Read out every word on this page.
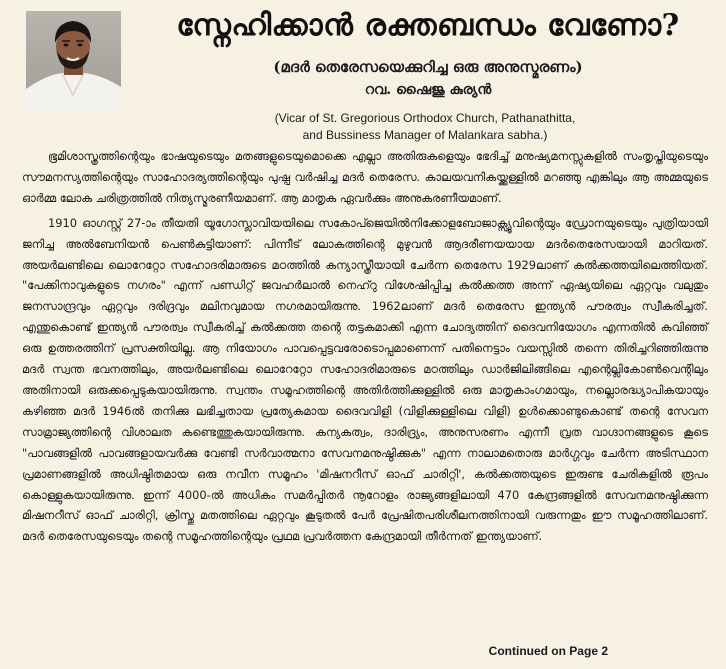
സ്നേഹിക്കാൻ രക്തബന്ധം വേണോ?
(മദർ തെരേസയെക്കുറിച്ച ഒരു അനുസ്മരണം)
റവ. ഷൈജു കുര്യൻ
(Vicar of St. Gregorious Orthodox Church, Pathanathitta,
and Bussiness Manager of Malankara sabha.)

ഭൂമിശാസ്ത്രത്തിന്റെയും ഭാഷയുടെയും മതങ്ങളുടെയുമൊക്കെ എല്ലാ അതിരുകളെയും ഭേദിച്ച് മനുഷ്യമനസ്സുകളിൽ സംതൃപ്തിയുടെയും സൗമനസ്യത്തിന്റെയും സാഹോദര്യത്തിന്റെയും പുഷ്പ വർഷിച്ച മദർ തെരേസ. കാലയവനികയ്ക്കുള്ളിൽ മറഞ്ഞു എങ്കിലും ആ അമ്മയുടെ ഓർമ്മ ലോക ചരിത്രത്തിൽ നിത്യസ്മരണീയമാണ്. ആ മാതൃക ഏവർക്കും അനുകരണീയമാണ്.

1910 ഓഗസ്റ്റ് 27-ാം തീയതി യൂഗോസ്ലാവിയയിലെ സകോപ്ജെയിൽനിക്കോളബോജാക്സ്യൂവിന്റെയും ഡ്രോനയുടെയും പുത്രിയായി ജനിച്ച അൽബേനിയൻ പെൺകുട്ടിയാണ്: പിന്നീട് ലോകത്തിന്റെ മുഴുവൻ ആദരീണയയായ മദർതെരേസയായി മാറിയത്. അയർലണ്ടിലെ ലൊറേറ്റോ സഹോദരിമാരുടെ മഠത്തിൽ കന്യാസ്ത്രീയായി ചേർന്ന തെരേസ 1929ലാണ് കൽക്കത്തയിലെത്തിയത്. "പേക്കിനാവുകളുടെ നഗരം" എന്ന് പണ്ഡിറ്റ് ജവഹർലാൽ നെഹ്റു വിശേഷിപ്പിച്ച കൽക്കത്ത അന്ന് ഏഷ്യയിലെ ഏറ്റവും വലുതും ജനസാന്ദ്രവും ഏറ്റവും ദരിദ്രവും മലിനവുമായ നഗരമായിരുന്നു. 1962ലാണ് മദർ തെരേസ ഇന്ത്യൻ പൗരത്വം സ്വീകരിച്ചത്. എന്തുകൊണ്ട് ഇന്ത്യൻ പൗരത്വം സ്വീകരിച്ച് കൽക്കത്ത തന്റെ തട്ടകമാക്കി എന്ന ചോദ്യത്തിന് ദൈവനിയോഗം എന്നതിൽ കവിഞ്ഞ് ഒരു ഉത്തരത്തിന് പ്രസക്തിയില്ല. ആ നിയോഗം പാവപ്പെട്ടവരോടൊപ്പമാണെന്ന് പതിനെട്ടാം വയസ്സിൽ തന്നെ തിരിച്ചറിഞ്ഞിരുന്നു മദർ സ്വന്ത ഭവനത്തിലും, അയർലണ്ടിലെ ലൊറേറ്റോ സഹോദരിമാരുടെ മഠത്തിലും ഡാർജിലിങ്ങിലെ എന്റെല്ലികോൺവെന്റിലും അതിനായി ഒരുക്കപ്പെടുകയായിരുന്നു. സ്വന്തം സമൂഹത്തിന്റെ അതിർത്തിക്കുള്ളിൽ ഒരു മാതൃകാംഗമായും, നല്ലൊരദ്ധ്യാപികയായും കഴിഞ്ഞ മദർ 1946ൽ തനിക്കു ലഭിച്ചതായ പ്രത്യേകമായ ദൈവവിളി (വിളിക്കുള്ളിലെ വിളി) ഉൾക്കൊണ്ടുകൊണ്ട് തന്റെ സേവന സാമ്രാജ്യത്തിന്റെ വിശാലത കണ്ടെത്തുകയായിരുന്നു. കന്യകത്വം, ദാരിദ്ര്യം, അനുസരണം എന്നീ വ്രത വാഗ്ദാനങ്ങളുടെ കൂടെ "പാവങ്ങളിൽ പാവങ്ങളായവർക്കു വേണ്ടി സർവാത്മനാ സേവനമനുഷ്ഠിക്കുക" എന്ന നാലാമതൊരു മാർഗ്ഗവും ചേർന്ന അടിസ്ഥാന പ്രമാണങ്ങളിൽ അധിഷ്ഠിതമായ ഒരു നവീന സമൂഹം 'മിഷനറീസ് ഓഫ് ചാരിറ്റി', കൽക്കത്തയുടെ ഇരുണ്ട ചേരികളിൽ രൂപം കൊള്ളുകയായിരുന്നു. ഇന്ന് 4000-ൽ അധികം സമർപ്പിതർ നൂറോളം രാജ്യങ്ങളിലായി 470 കേന്ദ്രങ്ങളിൽ സേവനമനുഷ്ഠിക്കുന്ന മിഷനറീസ് ഓഫ് ചാരിറ്റി, ക്രിസ്തു മതത്തിലെ ഏറ്റവും കൂടുതൽ പേർ പ്രേഷിതപരിശീലനത്തിനായി വരുന്നതും ഈ സമൂഹത്തിലാണ്. മദർ തെരേസയുടെയും തന്റെ സമൂഹത്തിന്റെയും പ്രഥമ പ്രവർത്തന കേന്ദ്രമായി തീർന്നത് ഇന്ത്യയാണ്.

Continued on Page 2
